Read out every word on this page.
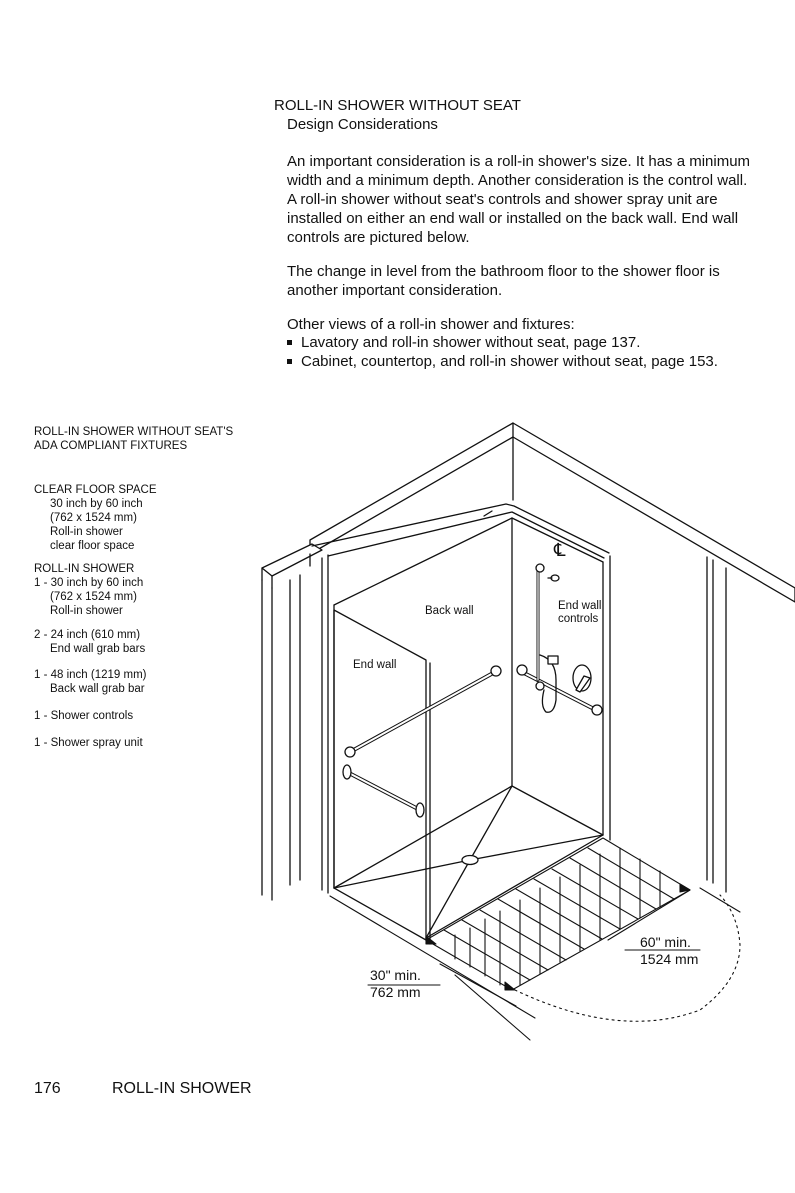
ROLL-IN SHOWER WITHOUT SEAT
Design Considerations
An important consideration is a roll-in shower's size. It has a minimum width and a minimum depth. Another consideration is the control wall. A roll-in shower without seat's controls and shower spray unit are installed on either an end wall or installed on the back wall. End wall controls are pictured below.
The change in level from the bathroom floor to the shower floor is another important consideration.
Other views of a roll-in shower and fixtures:
Lavatory and roll-in shower without seat, page 137.
Cabinet, countertop, and roll-in shower without seat, page 153.
ROLL-IN SHOWER WITHOUT SEAT'S
ADA COMPLIANT FIXTURES
CLEAR FLOOR SPACE
30 inch by 60 inch
(762 x 1524 mm)
Roll-in shower
clear floor space
ROLL-IN SHOWER
1 - 30 inch by 60 inch
(762 x 1524 mm)
Roll-in shower
2 - 24 inch (610 mm)
End wall grab bars
1 - 48 inch (1219 mm)
Back wall grab bar
1 - Shower controls
1 - Shower spray unit
Back wall
End wall
End wall
controls
℄
30" min.
762 mm
60" min.
1524 mm
176	ROLL-IN SHOWER
